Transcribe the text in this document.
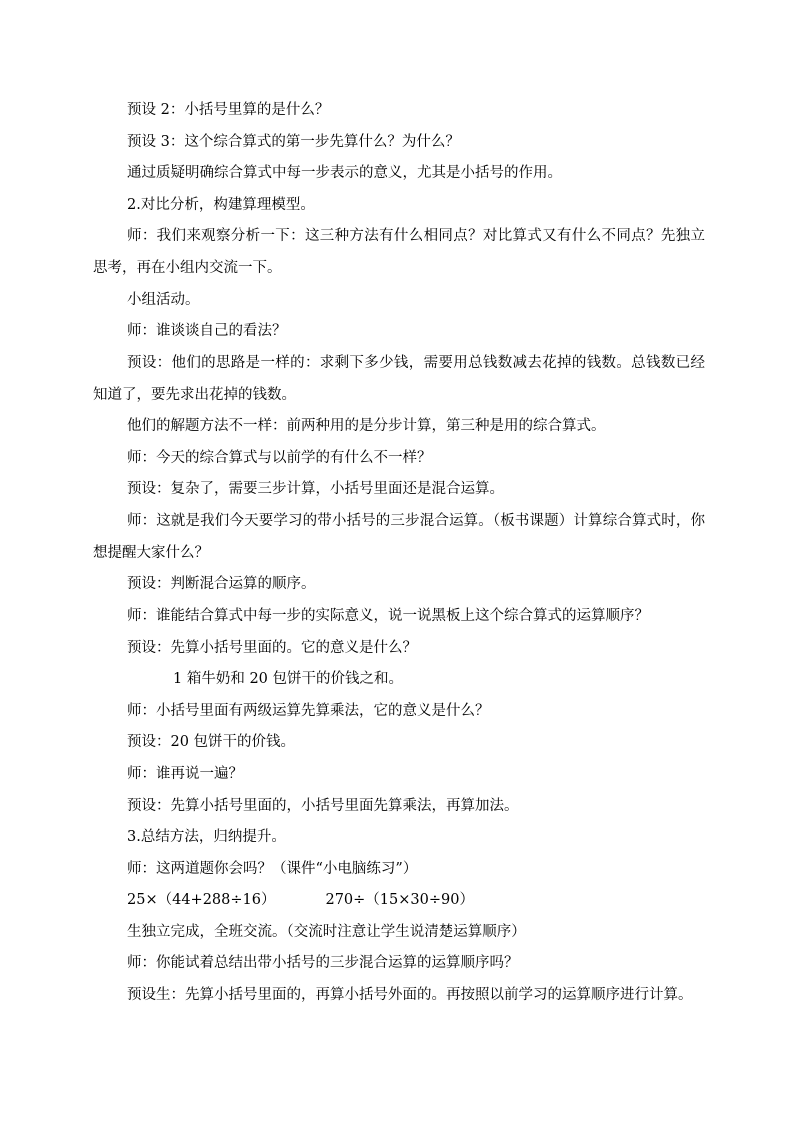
预设 2：小括号里算的是什么？

预设 3：这个综合算式的第一步先算什么？为什么？

通过质疑明确综合算式中每一步表示的意义，尤其是小括号的作用。

2.对比分析，构建算理模型。

师：我们来观察分析一下：这三种方法有什么相同点？对比算式又有什么不同点？先独立思考，再在小组内交流一下。

小组活动。

师：谁谈谈自己的看法？

预设：他们的思路是一样的：求剩下多少钱，需要用总钱数减去花掉的钱数。总钱数已经知道了，要先求出花掉的钱数。

他们的解题方法不一样：前两种用的是分步计算，第三种是用的综合算式。

师：今天的综合算式与以前学的有什么不一样？

预设：复杂了，需要三步计算，小括号里面还是混合运算。

师：这就是我们今天要学习的带小括号的三步混合运算。（板书课题）计算综合算式时，你想提醒大家什么？

预设：判断混合运算的顺序。

师：谁能结合算式中每一步的实际意义，说一说黑板上这个综合算式的运算顺序？

预设：先算小括号里面的。它的意义是什么？

1 箱牛奶和 20 包饼干的价钱之和。

师：小括号里面有两级运算先算乘法，它的意义是什么？

预设：20 包饼干的价钱。

师：谁再说一遍？

预设：先算小括号里面的，小括号里面先算乘法，再算加法。

3.总结方法，归纳提升。

师：这两道题你会吗？（课件“小电脑练习”）

25×（44+288÷16）	270÷（15×30÷90）

生独立完成，全班交流。（交流时注意让学生说清楚运算顺序）

师：你能试着总结出带小括号的三步混合运算的运算顺序吗？

预设生：先算小括号里面的，再算小括号外面的。再按照以前学习的运算顺序进行计算。
